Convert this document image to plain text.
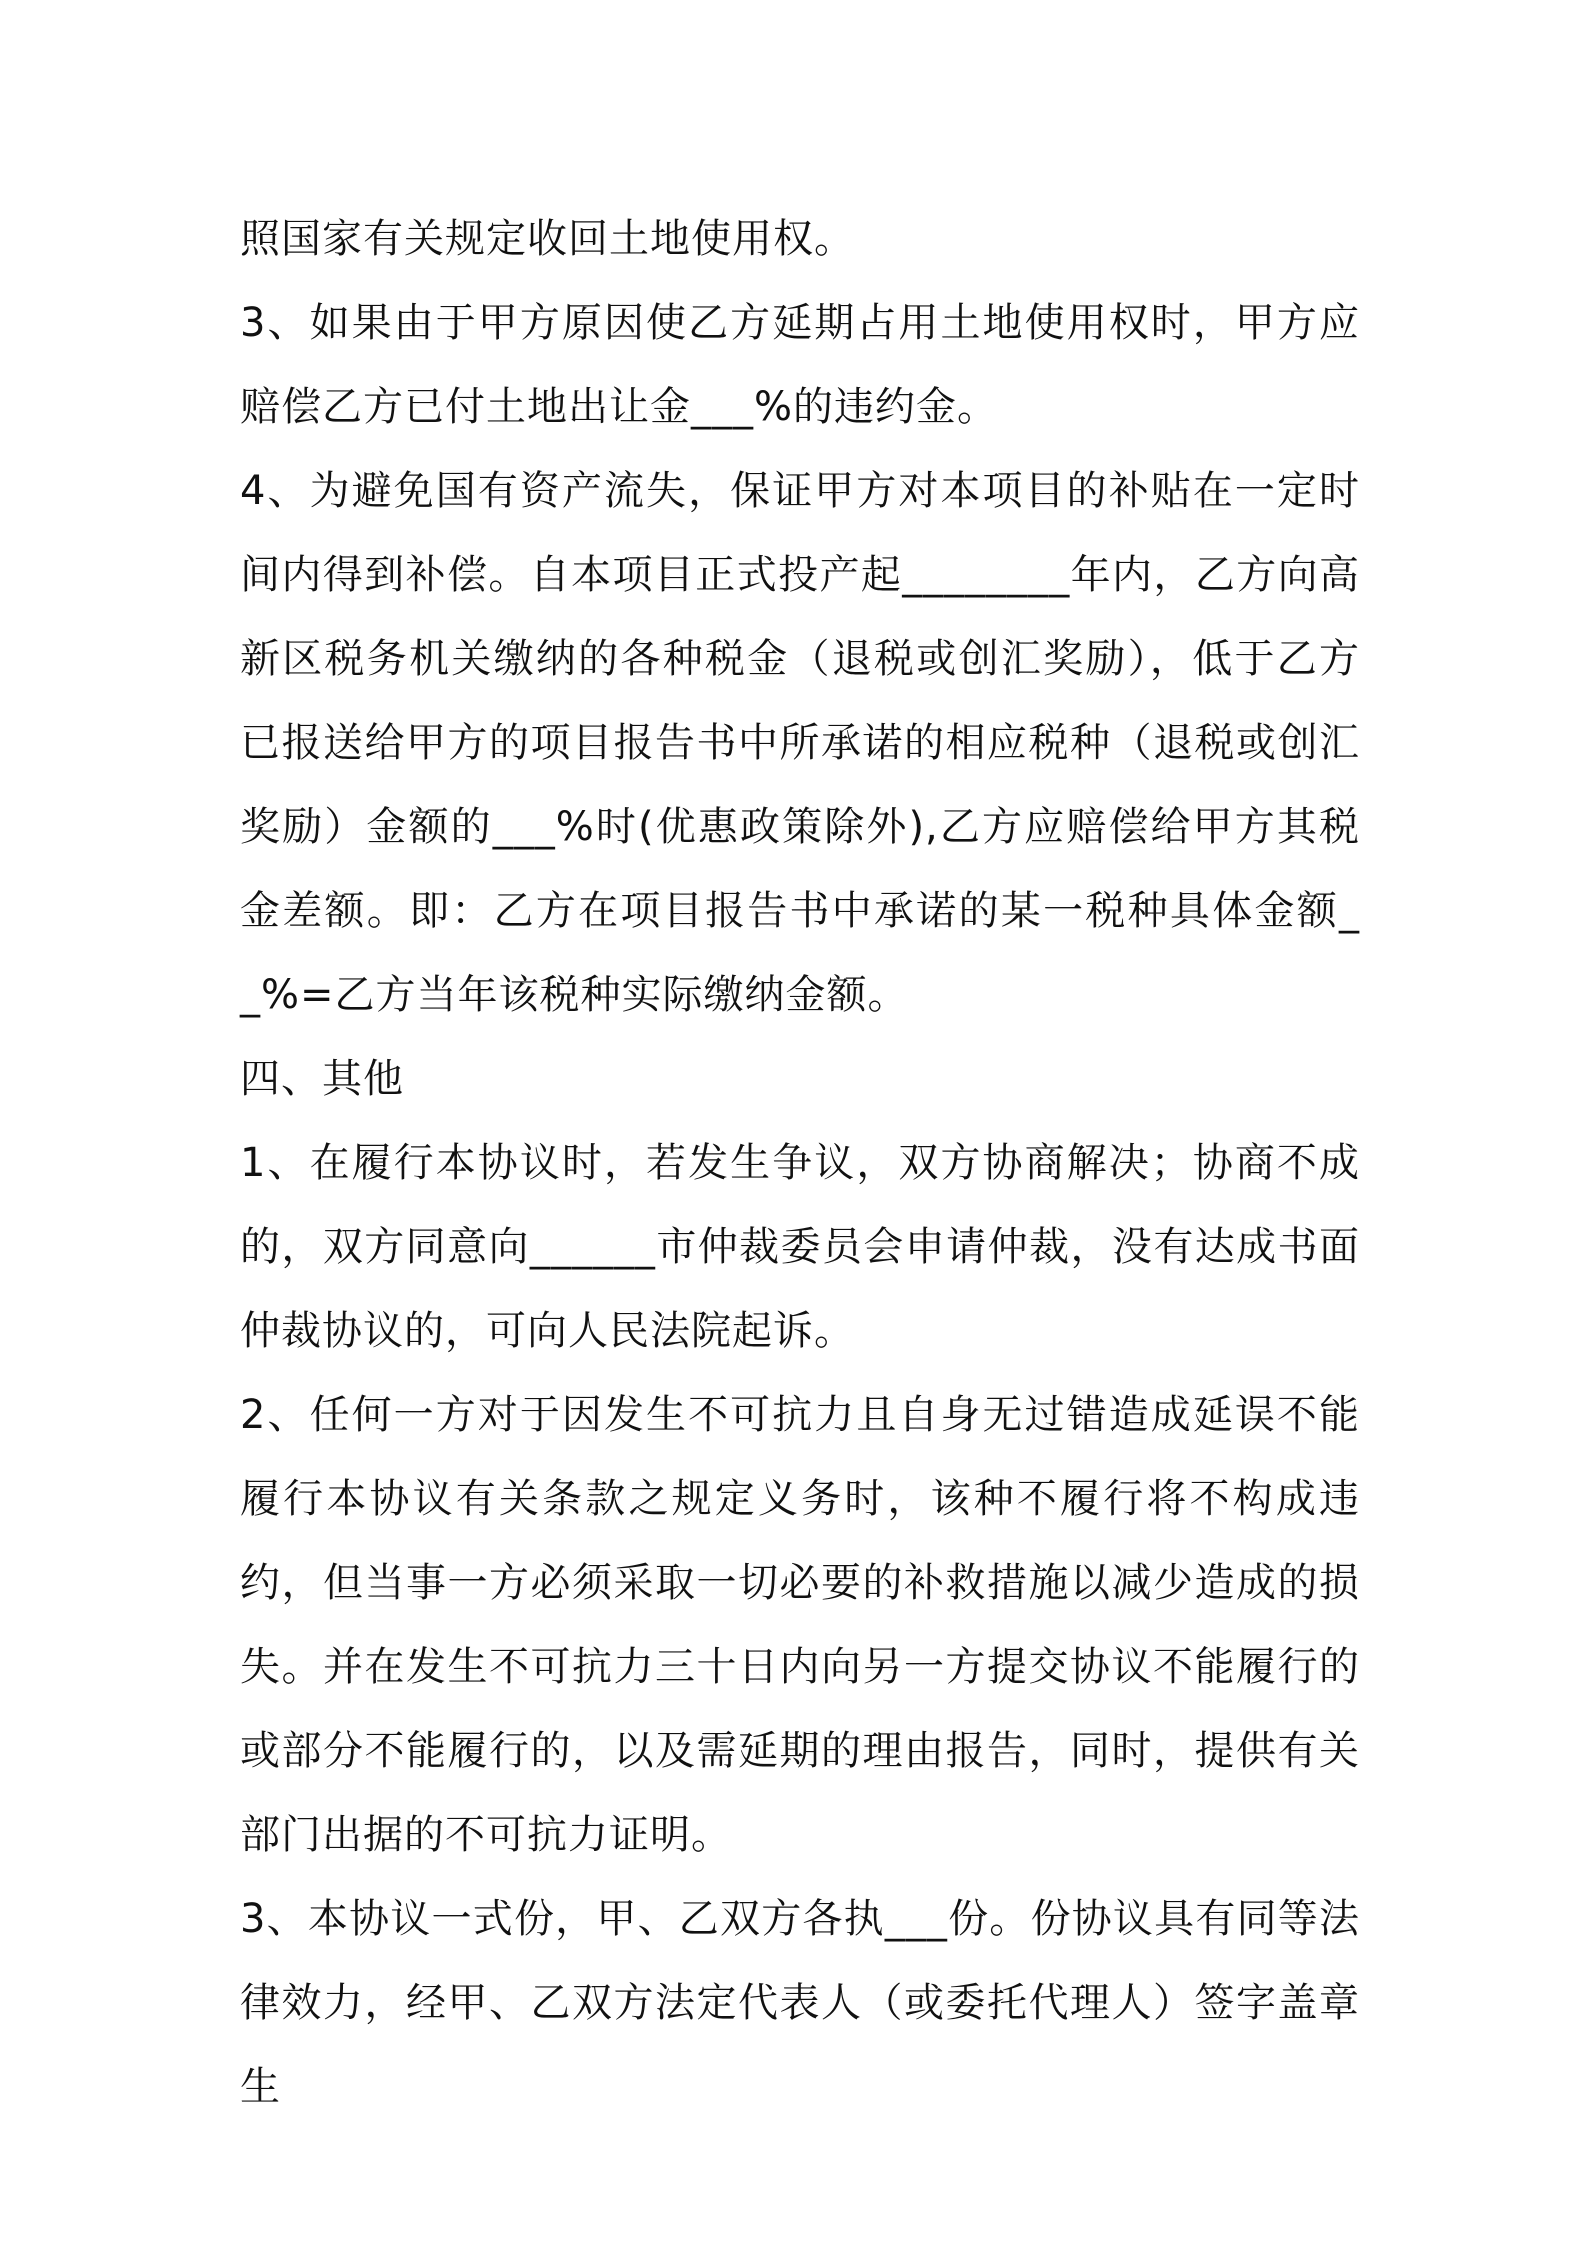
照国家有关规定收回土地使用权。

3、如果由于甲方原因使乙方延期占用土地使用权时，甲方应赔偿乙方已付土地出让金___%的违约金。

4、为避免国有资产流失，保证甲方对本项目的补贴在一定时间内得到补偿。自本项目正式投产起________年内，乙方向高新区税务机关缴纳的各种税金（退税或创汇奖励），低于乙方已报送给甲方的项目报告书中所承诺的相应税种（退税或创汇奖励）金额的___%时(优惠政策除外),乙方应赔偿给甲方其税金差额。即：乙方在项目报告书中承诺的某一税种具体金额__%=乙方当年该税种实际缴纳金额。

四、其他

1、在履行本协议时，若发生争议，双方协商解决；协商不成的，双方同意向______市仲裁委员会申请仲裁，没有达成书面仲裁协议的，可向人民法院起诉。

2、任何一方对于因发生不可抗力且自身无过错造成延误不能履行本协议有关条款之规定义务时，该种不履行将不构成违约，但当事一方必须采取一切必要的补救措施以减少造成的损失。并在发生不可抗力三十日内向另一方提交协议不能履行的或部分不能履行的，以及需延期的理由报告，同时，提供有关部门出据的不可抗力证明。

3、本协议一式份，甲、乙双方各执___份。份协议具有同等法律效力，经甲、乙双方法定代表人（或委托代理人）签字盖章生
